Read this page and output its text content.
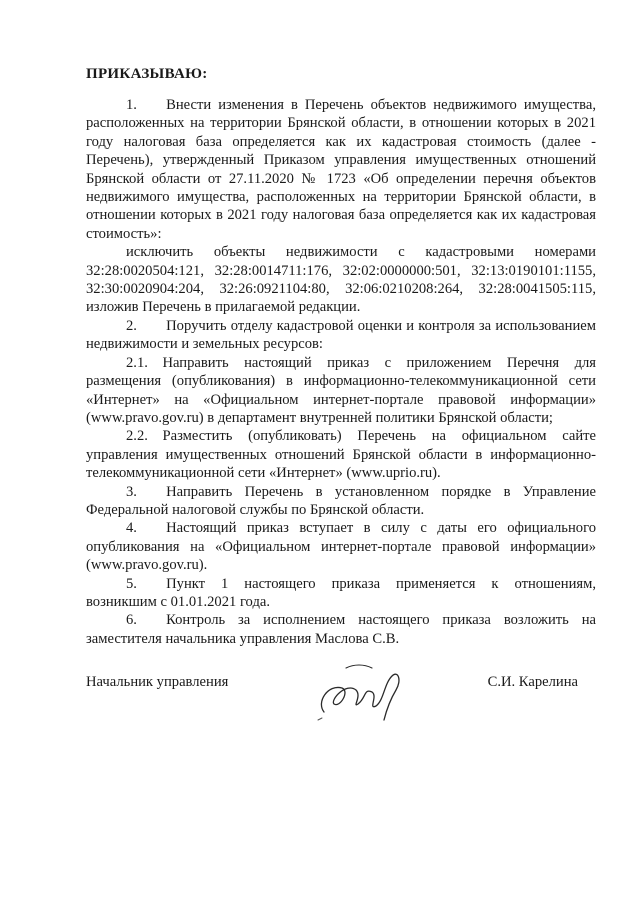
ПРИКАЗЫВАЮ:

1.  Внести изменения в Перечень объектов недвижимого имущества, расположенных на территории Брянской области, в отношении которых в 2021 году налоговая база определяется как их кадастровая стоимость (далее - Перечень), утвержденный Приказом управления имущественных отношений Брянской области от 27.11.2020 № 1723 «Об определении перечня объектов недвижимого имущества, расположенных на территории Брянской области, в отношении которых в 2021 году налоговая база определяется как их кадастровая стоимость»:

исключить объекты недвижимости с кадастровыми номерами 32:28:0020504:121, 32:28:0014711:176, 32:02:0000000:501, 32:13:0190101:1155, 32:30:0020904:204, 32:26:0921104:80, 32:06:0210208:264, 32:28:0041505:115, изложив Перечень в прилагаемой редакции.

2.  Поручить отделу кадастровой оценки и контроля за использованием недвижимости и земельных ресурсов:

2.1. Направить настоящий приказ с приложением Перечня для размещения (опубликования) в информационно-телекоммуникационной сети «Интернет» на «Официальном интернет-портале правовой информации» (www.pravo.gov.ru) в департамент внутренней политики Брянской области;

2.2. Разместить (опубликовать) Перечень на официальном сайте управления имущественных отношений Брянской области в информационно-телекоммуникационной сети «Интернет» (www.uprio.ru).

3.  Направить Перечень в установленном порядке в Управление Федеральной налоговой службы по Брянской области.

4.  Настоящий приказ вступает в силу с даты его официального опубликования на «Официальном интернет-портале правовой информации» (www.pravo.gov.ru).

5.  Пункт 1 настоящего приказа применяется к отношениям, возникшим с 01.01.2021 года.

6.  Контроль за исполнением настоящего приказа возложить на заместителя начальника управления Маслова С.В.

Начальник управления	С.И. Карелина
